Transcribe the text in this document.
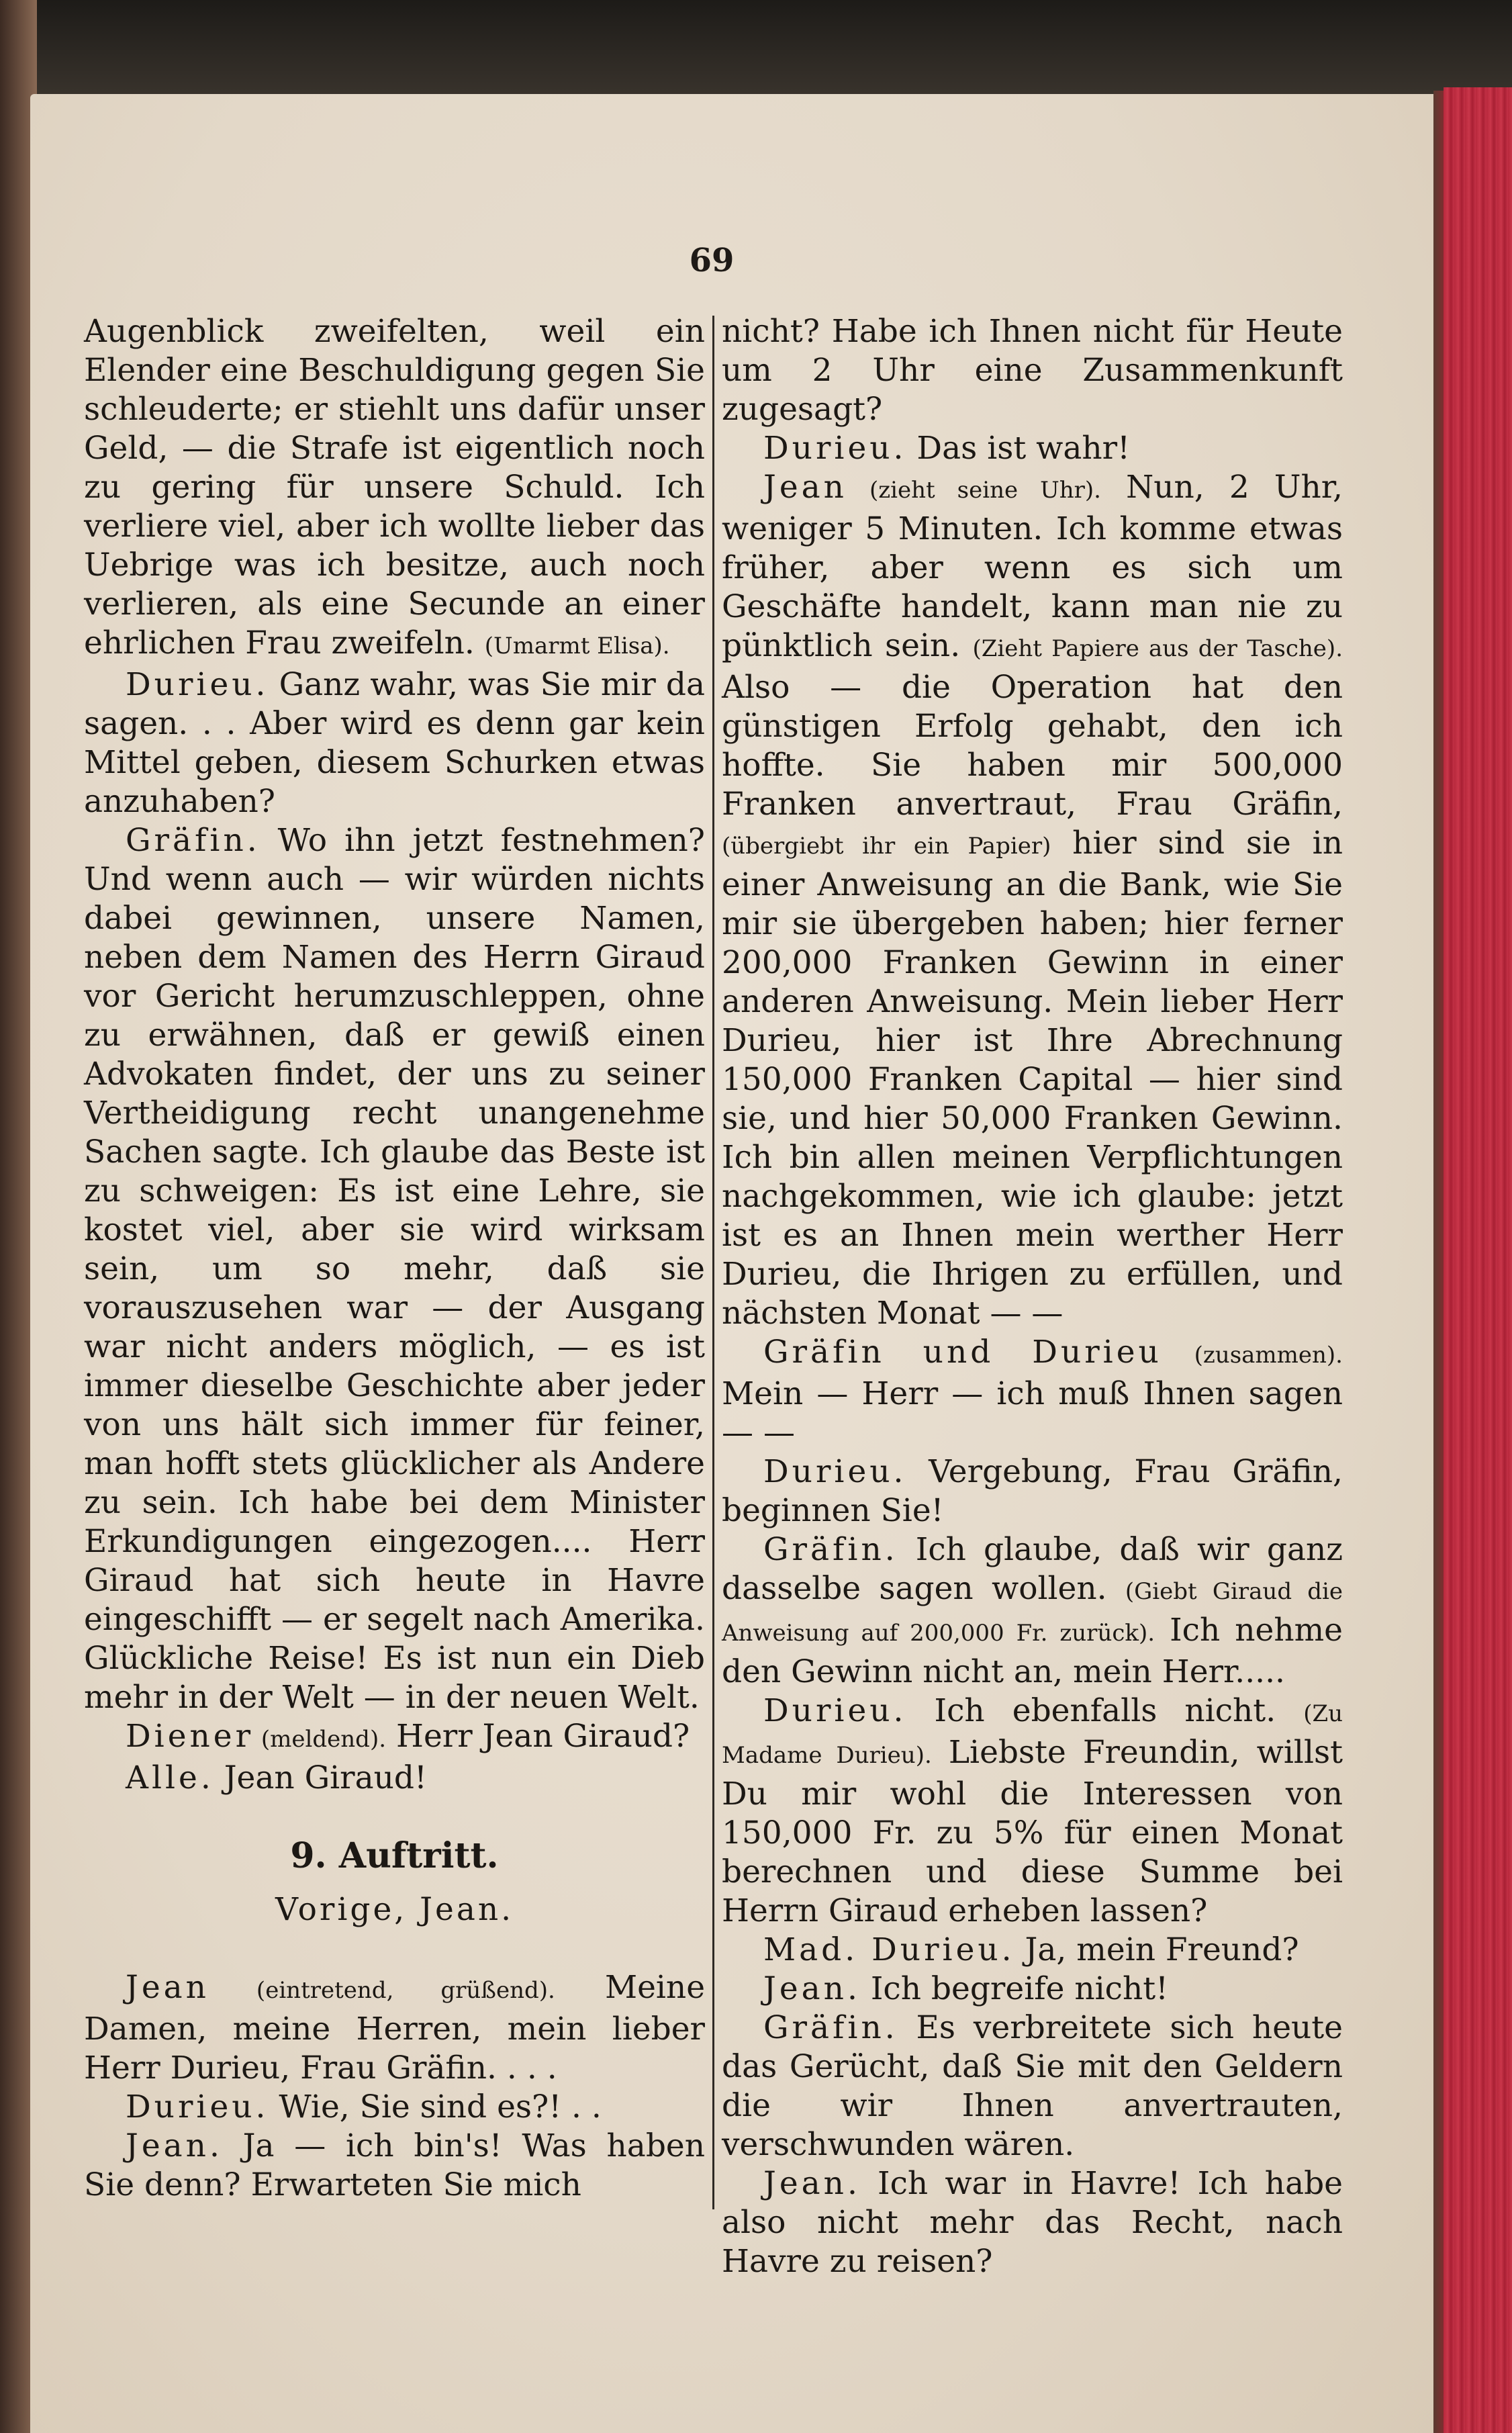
69

Augenblick zweifelten, weil ein Elender eine Beschuldigung gegen Sie schleuderte; er stiehlt uns dafür unser Geld, — die Strafe ist eigentlich noch zu gering für unsere Schuld. Ich verliere viel, aber ich wollte lieber das Uebrige was ich besitze, auch noch verlieren, als eine Secunde an einer ehrlichen Frau zweifeln. (Umarmt Elisa).

Durieu. Ganz wahr, was Sie mir da sagen. . . Aber wird es denn gar kein Mittel geben, diesem Schurken etwas anzuhaben?

Gräfin. Wo ihn jetzt festnehmen? Und wenn auch — wir würden nichts dabei gewinnen, unsere Namen, neben dem Namen des Herrn Giraud vor Gericht herumzuschleppen, ohne zu erwähnen, daß er gewiß einen Advokaten findet, der uns zu seiner Vertheidigung recht unangenehme Sachen sagte. Ich glaube das Beste ist zu schweigen: Es ist eine Lehre, sie kostet viel, aber sie wird wirksam sein, um so mehr, daß sie vorauszusehen war — der Ausgang war nicht anders möglich, — es ist immer dieselbe Geschichte aber jeder von uns hält sich immer für feiner, man hofft stets glücklicher als Andere zu sein. Ich habe bei dem Minister Erkundigungen eingezogen.... Herr Giraud hat sich heute in Havre eingeschifft — er segelt nach Amerika. Glückliche Reise! Es ist nun ein Dieb mehr in der Welt — in der neuen Welt.

Diener (meldend). Herr Jean Giraud?

Alle. Jean Giraud!

9. Auftritt.

Vorige, Jean.

Jean (eintretend, grüßend). Meine Damen, meine Herren, mein lieber Herr Durieu, Frau Gräfin. . . .

Durieu. Wie, Sie sind es?! . .

Jean. Ja — ich bin's! Was haben Sie denn? Erwarteten Sie mich

nicht? Habe ich Ihnen nicht für Heute um 2 Uhr eine Zusammenkunft zugesagt?

Durieu. Das ist wahr!

Jean (zieht seine Uhr). Nun, 2 Uhr, weniger 5 Minuten. Ich komme etwas früher, aber wenn es sich um Geschäfte handelt, kann man nie zu pünktlich sein. (Zieht Papiere aus der Tasche). Also — die Operation hat den günstigen Erfolg gehabt, den ich hoffte. Sie haben mir 500,000 Franken anvertraut, Frau Gräfin, (übergiebt ihr ein Papier) hier sind sie in einer Anweisung an die Bank, wie Sie mir sie übergeben haben; hier ferner 200,000 Franken Gewinn in einer anderen Anweisung. Mein lieber Herr Durieu, hier ist Ihre Abrechnung 150,000 Franken Capital — hier sind sie, und hier 50,000 Franken Gewinn. Ich bin allen meinen Verpflichtungen nachgekommen, wie ich glaube: jetzt ist es an Ihnen mein werther Herr Durieu, die Ihrigen zu erfüllen, und nächsten Monat — —

Gräfin und Durieu (zusammen). Mein — Herr — ich muß Ihnen sagen — —

Durieu. Vergebung, Frau Gräfin, beginnen Sie!

Gräfin. Ich glaube, daß wir ganz dasselbe sagen wollen. (Giebt Giraud die Anweisung auf 200,000 Fr. zurück). Ich nehme den Gewinn nicht an, mein Herr.....

Durieu. Ich ebenfalls nicht. (Zu Madame Durieu). Liebste Freundin, willst Du mir wohl die Interessen von 150,000 Fr. zu 5% für einen Monat berechnen und diese Summe bei Herrn Giraud erheben lassen?

Mad. Durieu. Ja, mein Freund?

Jean. Ich begreife nicht!

Gräfin. Es verbreitete sich heute das Gerücht, daß Sie mit den Geldern die wir Ihnen anvertrauten, verschwunden wären.

Jean. Ich war in Havre! Ich habe also nicht mehr das Recht, nach Havre zu reisen?
